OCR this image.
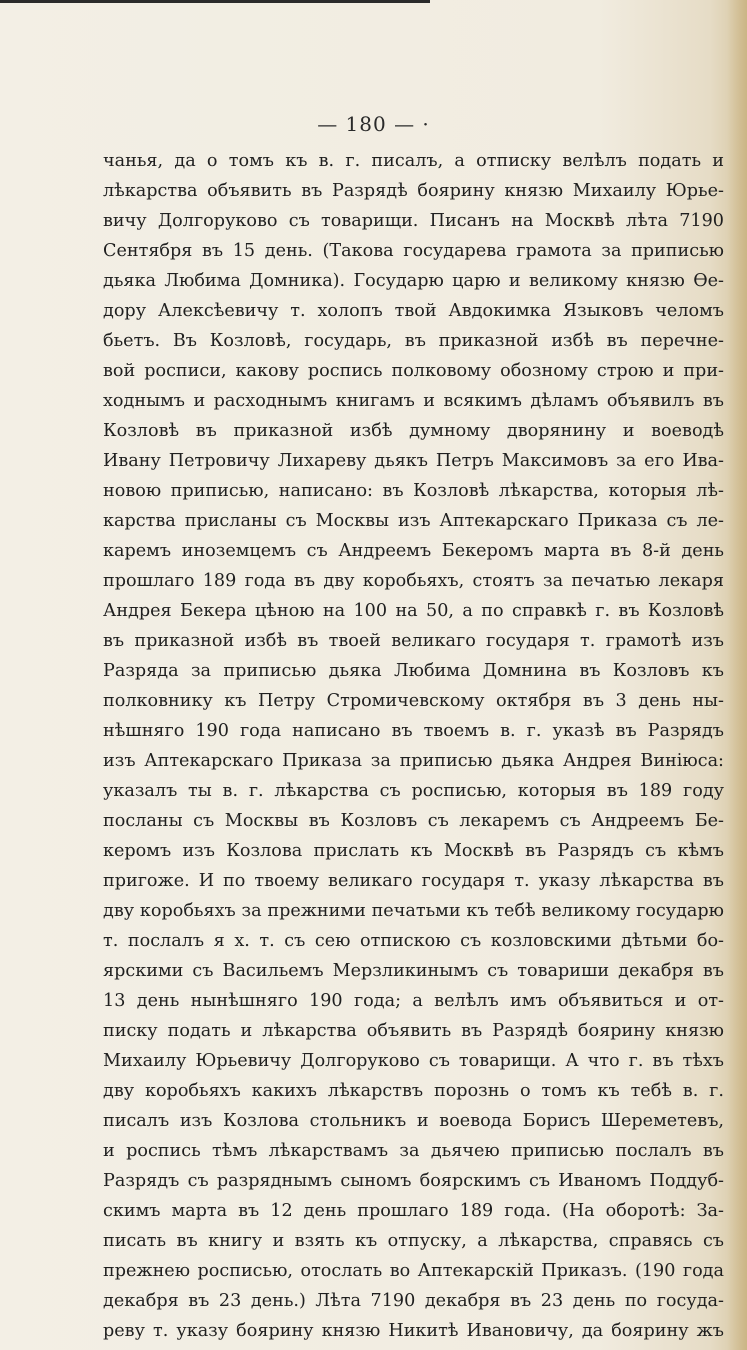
— 180 — ·
чанья, да о томъ къ в. г. писалъ, а отписку велѣлъ подать и
лѣкарства объявить въ Разрядѣ боярину князю Михаилу Юрье-
вичу Долгоруково съ товарищи. Писанъ на Москвѣ лѣта 7190
Сентября въ 15 день. (Такова государева грамота за приписью
дьяка Любима Домника). Государю царю и великому князю Ѳе-
дору Алексѣевичу т. холопъ твой Авдокимка Языковъ челомъ
бьетъ. Въ Козловѣ, государь, въ приказной избѣ въ перечне-
вой росписи, какову роспись полковому обозному строю и при-
ходнымъ и расходнымъ книгамъ и всякимъ дѣламъ объявилъ въ
Козловѣ въ приказной избѣ думному дворянину и воеводѣ
Ивану Петровичу Лихареву дьякъ Петръ Максимовъ за его Ива-
новою приписью, написано: въ Козловѣ лѣкарства, которыя лѣ-
карства присланы съ Москвы изъ Аптекарскаго Приказа съ ле-
каремъ иноземцемъ съ Андреемъ Бекеромъ марта въ 8-й день
прошлаго 189 года въ дву коробьяхъ, стоятъ за печатью лекаря
Андрея Бекера цѣною на 100 на 50, а по справкѣ г. въ Козловѣ
въ приказной избѣ въ твоей великаго государя т. грамотѣ изъ
Разряда за приписью дьяка Любима Домнина въ Козловъ къ
полковнику къ Петру Стромичевскому октября въ 3 день ны-
нѣшняго 190 года написано въ твоемъ в. г. указѣ въ Разрядъ
изъ Аптекарскаго Приказа за приписью дьяка Андрея Виніюса:
указалъ ты в. г. лѣкарства съ росписью, которыя въ 189 году
посланы съ Москвы въ Козловъ съ лекаремъ съ Андреемъ Бе-
керомъ изъ Козлова прислать къ Москвѣ въ Разрядъ съ кѣмъ
пригоже. И по твоему великаго государя т. указу лѣкарства въ
дву коробьяхъ за прежними печатьми къ тебѣ великому государю
т. послалъ я х. т. съ сею отпискою съ козловскими дѣтьми бо-
ярскими съ Васильемъ Мерзликинымъ съ товариши декабря въ
13 день нынѣшняго 190 года; а велѣлъ имъ объявиться и от-
писку подать и лѣкарства объявить въ Разрядѣ боярину князю
Михаилу Юрьевичу Долгоруково съ товарищи. А что г. въ тѣхъ
дву коробьяхъ какихъ лѣкарствъ порознь о томъ къ тебѣ в. г.
писалъ изъ Козлова стольникъ и воевода Борисъ Шереметевъ,
и роспись тѣмъ лѣкарствамъ за дьячею приписью послалъ въ
Разрядъ съ разряднымъ сыномъ боярскимъ съ Иваномъ Поддуб-
скимъ марта въ 12 день прошлаго 189 года. (На оборотѣ: За-
писать въ книгу и взять къ отпуску, а лѣкарства, справясь съ
прежнею росписью, отослать во Аптекарскій Приказъ. (190 года
декабря въ 23 день.) Лѣта 7190 декабря въ 23 день по госуда-
реву т. указу боярину князю Никитѣ Ивановичу, да боярину жъ
